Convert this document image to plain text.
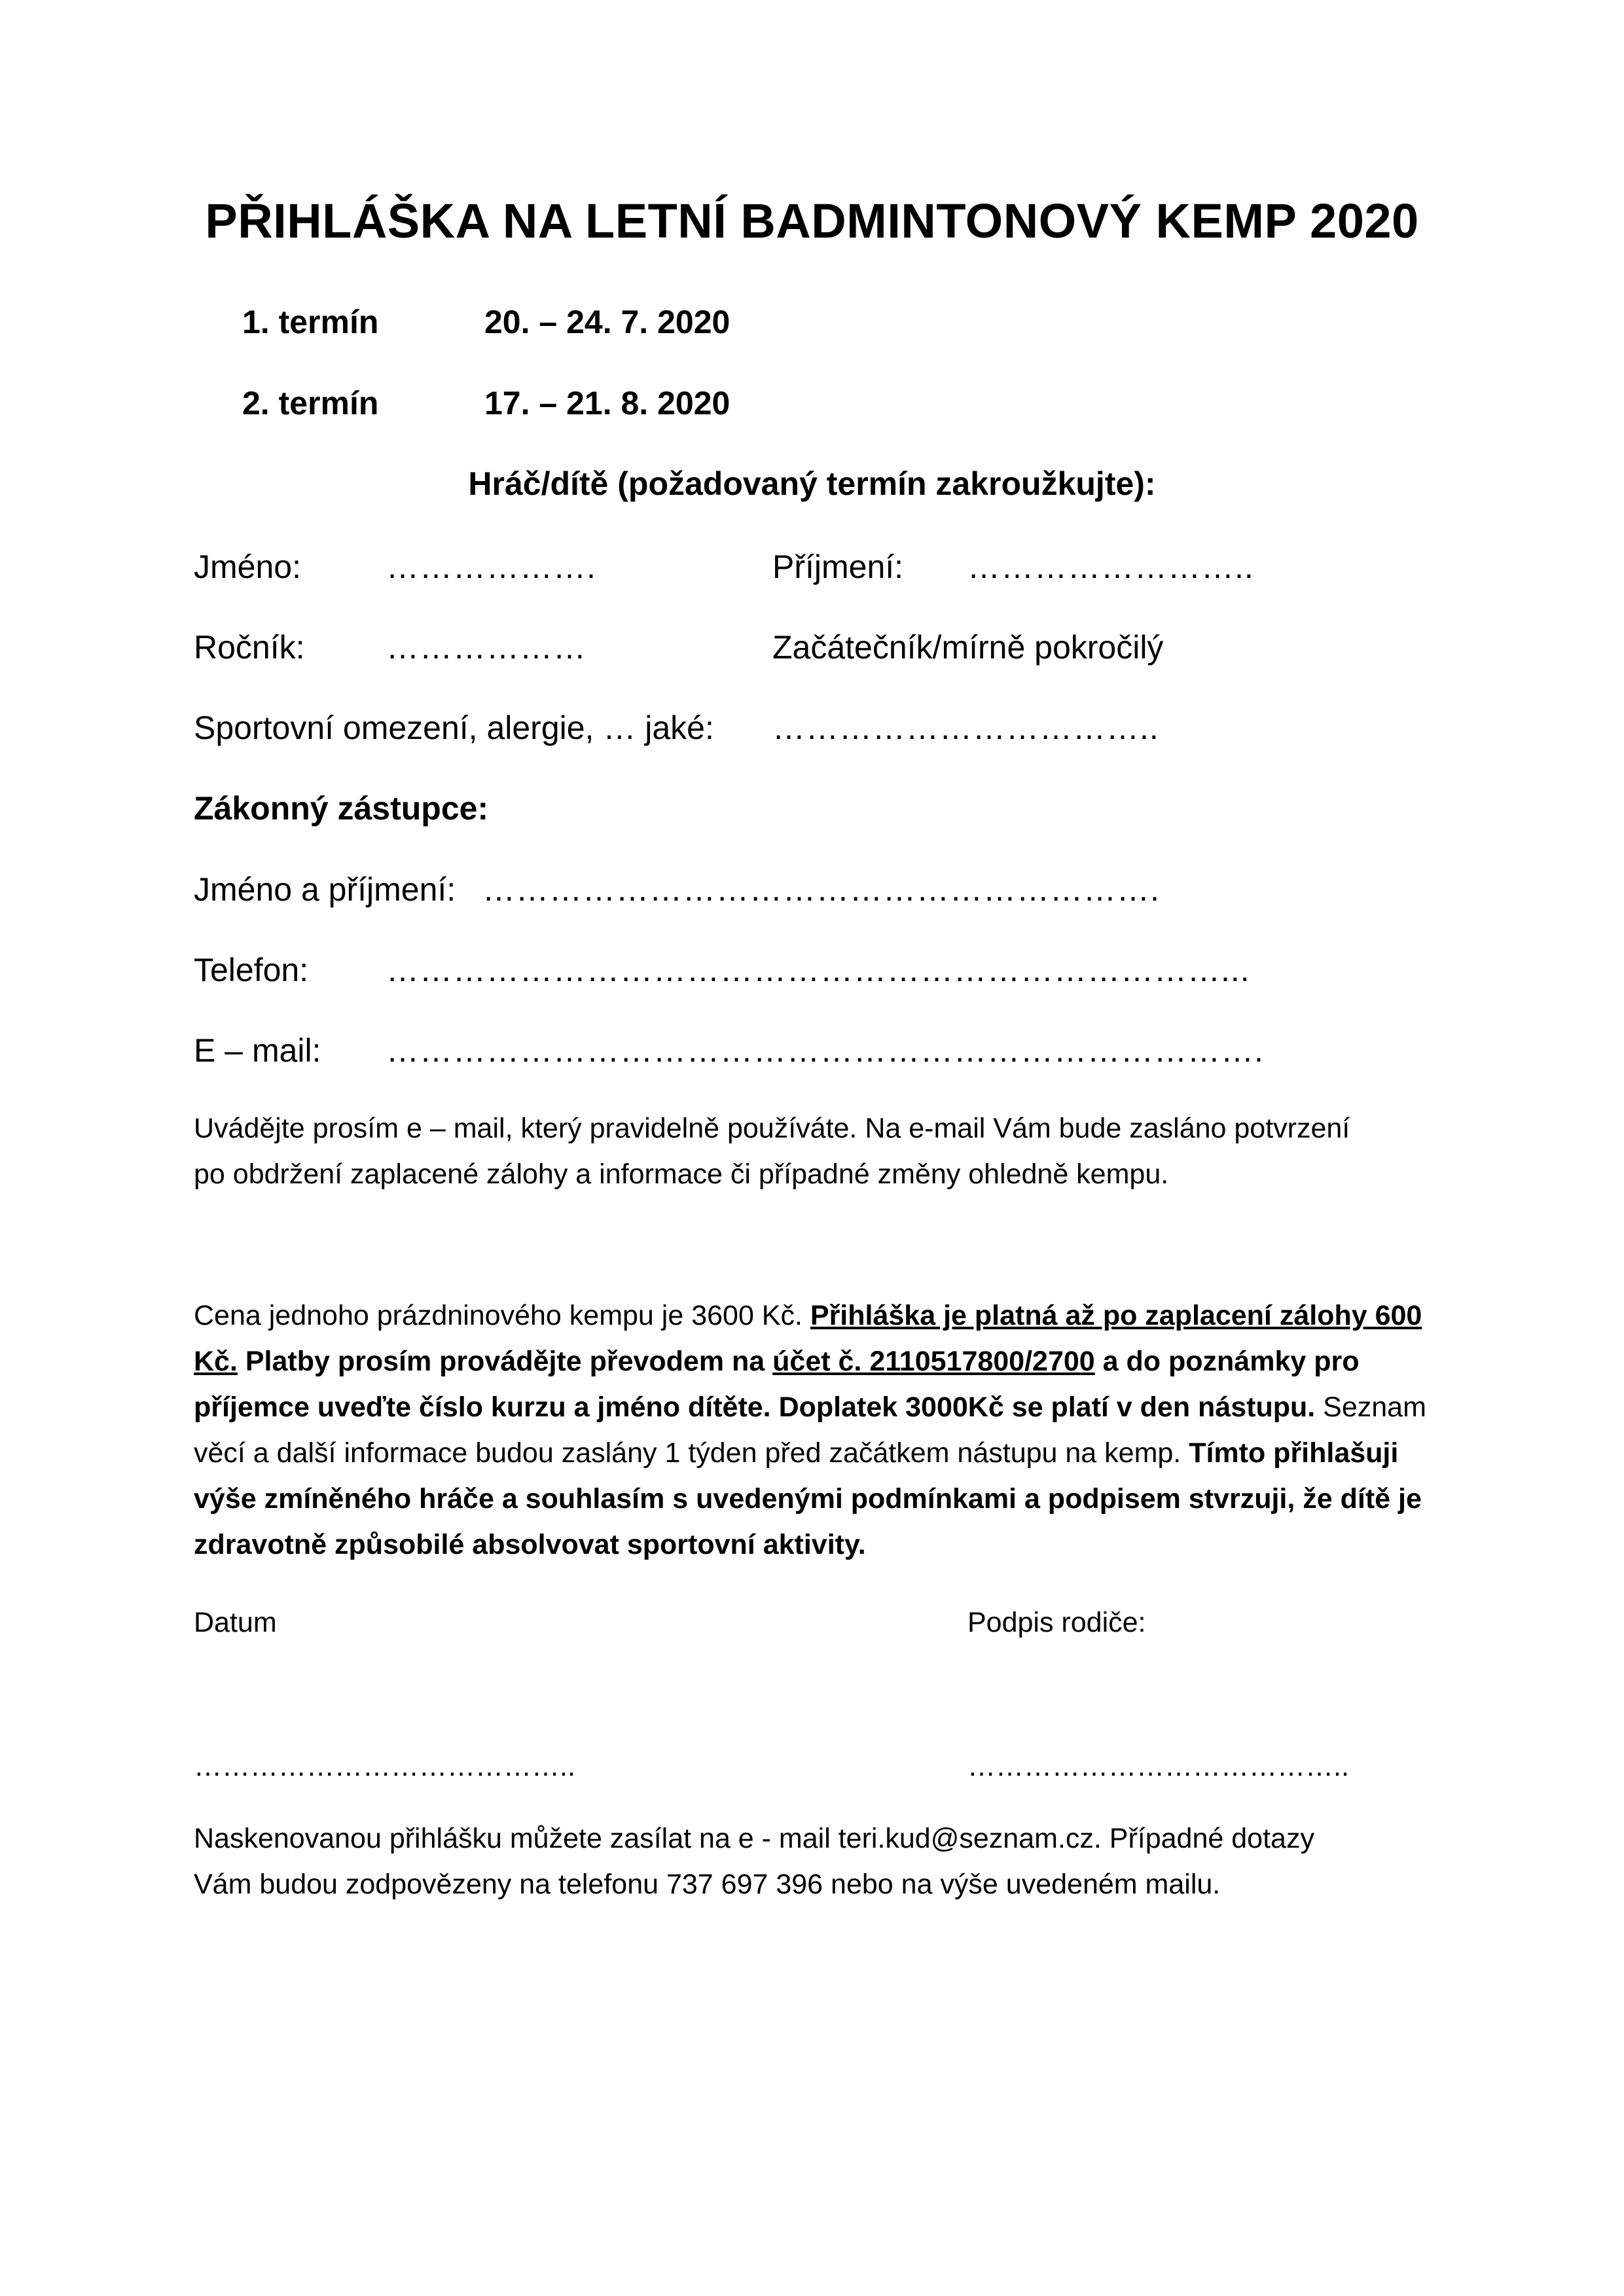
PŘIHLÁŠKA NA LETNÍ BADMINTONOVÝ KEMP 2020
1. termín	20. – 24. 7. 2020
2. termín	17. – 21. 8. 2020
Hráč/dítě (požadovaný termín zakroužkujte):
Jméno:	……………….	Příjmení: ……………………..
Ročník: ………………	Začátečník/mírně pokročilý
Sportovní omezení, alergie, … jaké: ……………………………..
Zákonný zástupce:
Jméno a příjmení: …………………………………………………….
Telefon: …………………………………………………………………...
E – mail: …………………………………………………………………….
Uvádějte prosím e – mail, který pravidelně používáte. Na e-mail Vám bude zasláno potvrzení
po obdržení zaplacené zálohy a informace či případné změny ohledně kempu.
Cena jednoho prázdninového kempu je 3600 Kč. Přihláška je platná až po zaplacení zálohy 600 Kč. Platby prosím provádějte převodem na účet č. 2110517800/2700 a do poznámky pro příjemce uveďte číslo kurzu a jméno dítěte. Doplatek 3000Kč se platí v den nástupu. Seznam věcí a další informace budou zaslány 1 týden před začátkem nástupu na kemp. Tímto přihlašuji výše zmíněného hráče a souhlasím s uvedenými podmínkami a podpisem stvrzuji, že dítě je zdravotně způsobilé absolvovat sportovní aktivity.
Datum	Podpis rodiče:
…………………………………..	…………………………………..
Naskenovanou přihlášku můžete zasílat na e - mail teri.kud@seznam.cz. Případné dotazy
Vám budou zodpovězeny na telefonu 737 697 396 nebo na výše uvedeném mailu.
